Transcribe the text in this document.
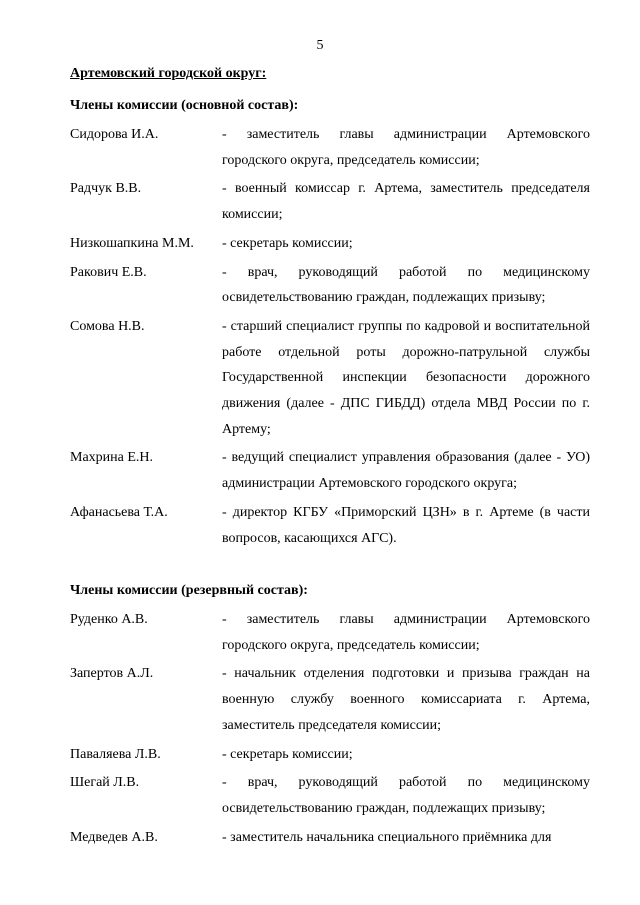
5
Артемовский городской округ:
Члены комиссии (основной состав):
Сидорова И.А.	- заместитель главы администрации Артемовского городского округа, председатель комиссии;
Радчук В.В.	- военный комиссар г. Артема, заместитель председателя комиссии;
Низкошапкина М.М.	- секретарь комиссии;
Ракович Е.В.	- врач, руководящий работой по медицинскому освидетельствованию граждан, подлежащих призыву;
Сомова Н.В.	- старший специалист группы по кадровой и воспитательной работе отдельной роты дорожно-патрульной службы Государственной инспекции безопасности дорожного движения (далее - ДПС ГИБДД) отдела МВД России по г. Артему;
Махрина Е.Н.	- ведущий специалист управления образования (далее - УО) администрации Артемовского городского округа;
Афанасьева Т.А.	- директор КГБУ «Приморский ЦЗН» в г. Артеме (в части вопросов, касающихся АГС).
Члены комиссии (резервный состав):
Руденко А.В.	- заместитель главы администрации Артемовского городского округа, председатель комиссии;
Запертов А.Л.	- начальник отделения подготовки и призыва граждан на военную службу военного комиссариата г. Артема, заместитель председателя комиссии;
Паваляева Л.В.	- секретарь комиссии;
Шегай Л.В.	- врач, руководящий работой по медицинскому освидетельствованию граждан, подлежащих призыву;
Медведев А.В.	- заместитель начальника специального приёмника для
